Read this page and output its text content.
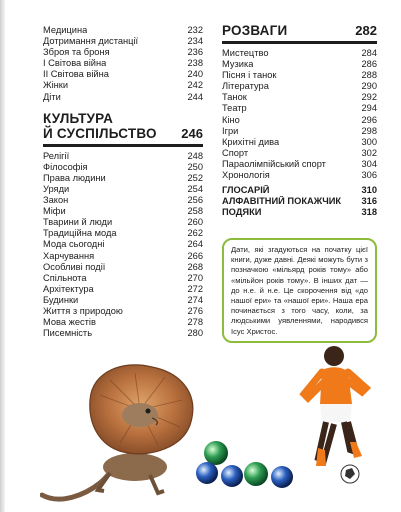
Медицина	232
Дотримання дистанції	234
Зброя та броня	236
І Світова війна	238
ІІ Світова війна	240
Жінки	242
Діти	244
КУЛЬТУРА
Й СУСПІЛЬСТВО 246
Релігії	248
Філософія	250
Права людини	252
Уряди	254
Закон	256
Міфи	258
Тварини й люди	260
Традиційна мода	262
Мода сьогодні	264
Харчування	266
Особливі події	268
Спільнота	270
Архітектура	272
Будинки	274
Життя з природою	276
Мова жестів	278
Писемність	280
РОЗВАГИ	282
Мистецтво	284
Музика	286
Пісня і танок	288
Література	290
Танок	292
Театр	294
Кіно	296
Ігри	298
Крихітні дива	300
Спорт	302
Параолімпійський спорт	304
Хронологія	306
ГЛОСАРІЙ	310
АЛФАВІТНИЙ ПОКАЖЧИК	316
ПОДЯКИ	318
Дати, які згадуються на початку цієї книги, дуже давні. Деякі можуть бути з позначкою «мільярд років тому» або «мільйон років тому». В інших дат — до н.е. й н.е. Це скорочення від «до нашої ери» та «нашої ери». Наша ера починається з того часу, коли, за людськими уявленнями, народився Ісус Христос.
